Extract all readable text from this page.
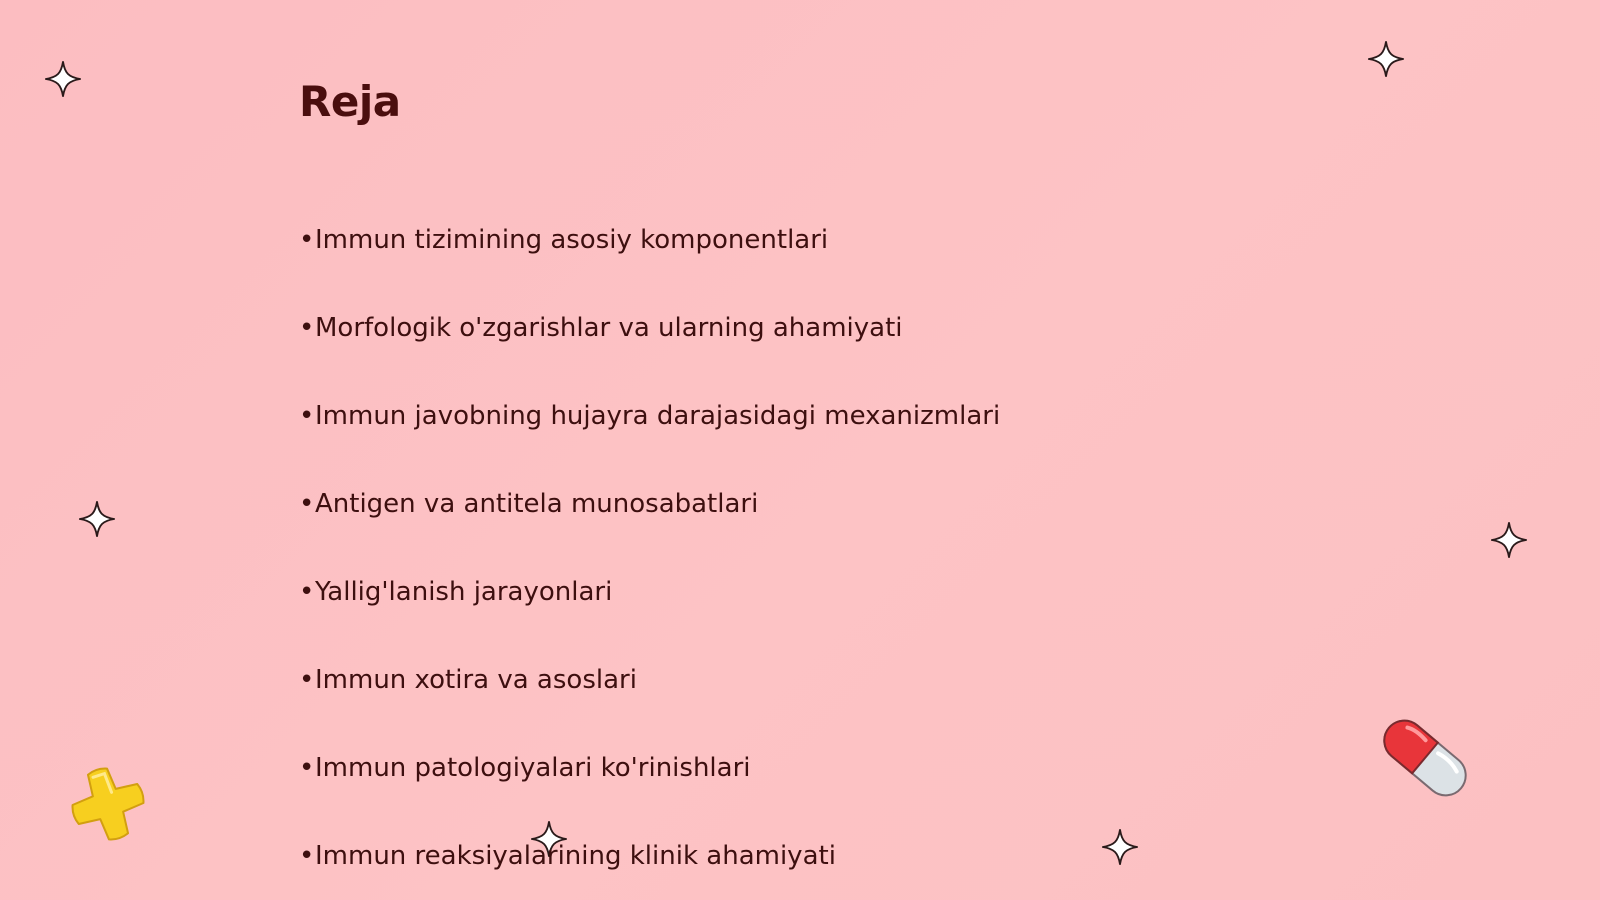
Reja
• Immun tizimining asosiy komponentlari
• Morfologik o'zgarishlar va ularning ahamiyati
• Immun javobning hujayra darajasidagi mexanizmlari
• Antigen va antitela munosabatlari
• Yallig'lanish jarayonlari
• Immun xotira va asoslari
• Immun patologiyalari ko'rinishlari
• Immun reaksiyalarining klinik ahamiyati
